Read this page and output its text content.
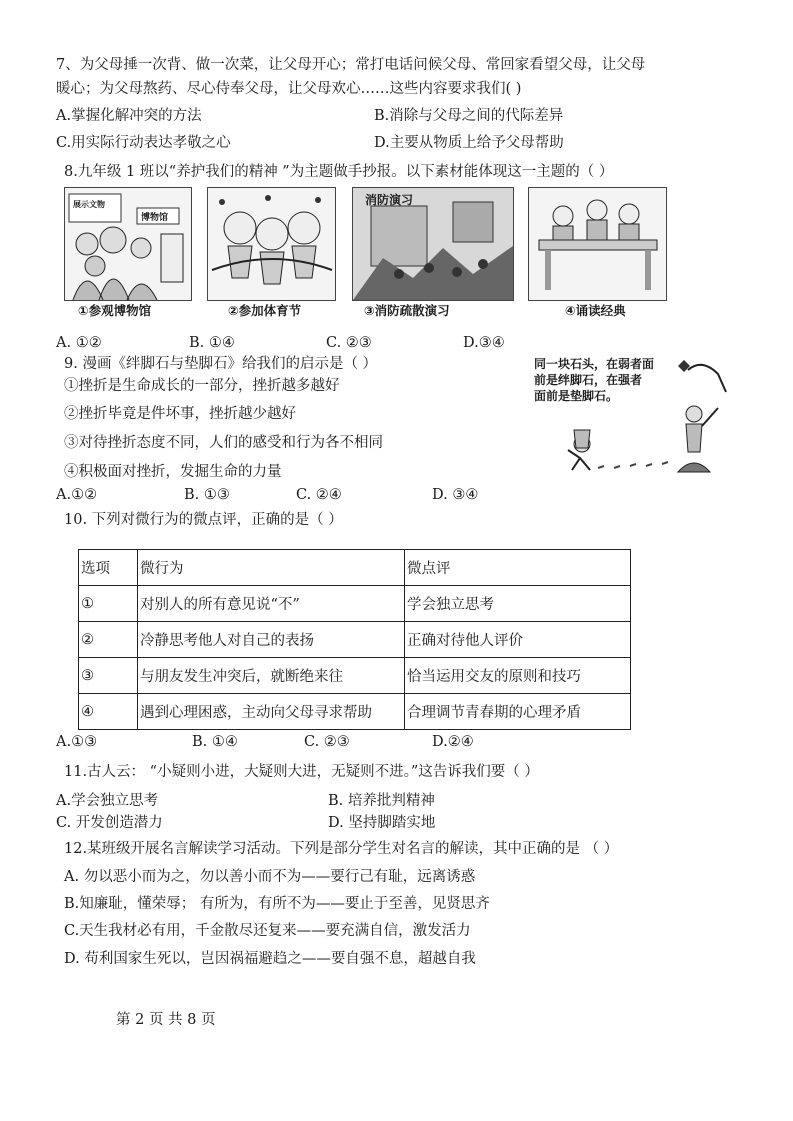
7、为父母捶一次背、做一次菜，让父母开心；常打电话问候父母、常回家看望父母，让父母
暖心；为父母熬药、尽心侍奉父母，让父母欢心……这些内容要求我们( )
A.掌握化解冲突的方法	B.消除与父母之间的代际差异
C.用实际行动表达孝敬之心	D.主要从物质上给予父母帮助
8.九年级 1 班以“养护我们的精神 ”为主题做手抄报。以下素材能体现这一主题的（ ）
展示文物
博物馆
①参观博物馆	②参加体育节
消防演习
③消防疏散演习	④诵读经典
A. ①②	B. ①④	C. ②③	D.③④
9. 漫画《绊脚石与垫脚石》给我们的启示是（ ）
①挫折是生命成长的一部分，挫折越多越好
②挫折毕竟是件坏事，挫折越少越好
③对待挫折态度不同，人们的感受和行为各不相同
④积极面对挫折，发掘生命的力量
A.①②	B. ①③	C. ②④	D. ③④
同一块石头，在弱者面
前是绊脚石，在强者
面前是垫脚石。
10. 下列对微行为的微点评，正确的是（ ）
选项	微行为	微点评
①	对别人的所有意见说“不”	学会独立思考
②	冷静思考他人对自己的表扬	正确对待他人评价
③	与朋友发生冲突后，就断绝来往	恰当运用交友的原则和技巧
④	遇到心理困惑，主动向父母寻求帮助	合理调节青春期的心理矛盾
A.①③	B. ①④	C. ②③	D.②④
11.古人云： “小疑则小进，大疑则大进，无疑则不进。”这告诉我们要（ ）
A.学会独立思考	B. 培养批判精神
C. 开发创造潜力	D. 坚持脚踏实地
12.某班级开展名言解读学习活动。下列是部分学生对名言的解读，其中正确的是 （ ）
A. 勿以恶小而为之，勿以善小而不为——要行己有耻，远离诱惑
B.知廉耻，懂荣辱； 有所为，有所不为——要止于至善，见贤思齐
C.天生我材必有用，千金散尽还复来——要充满自信，激发活力
D. 苟利国家生死以，岂因祸福避趋之——要自强不息，超越自我
第 2 页 共 8 页
